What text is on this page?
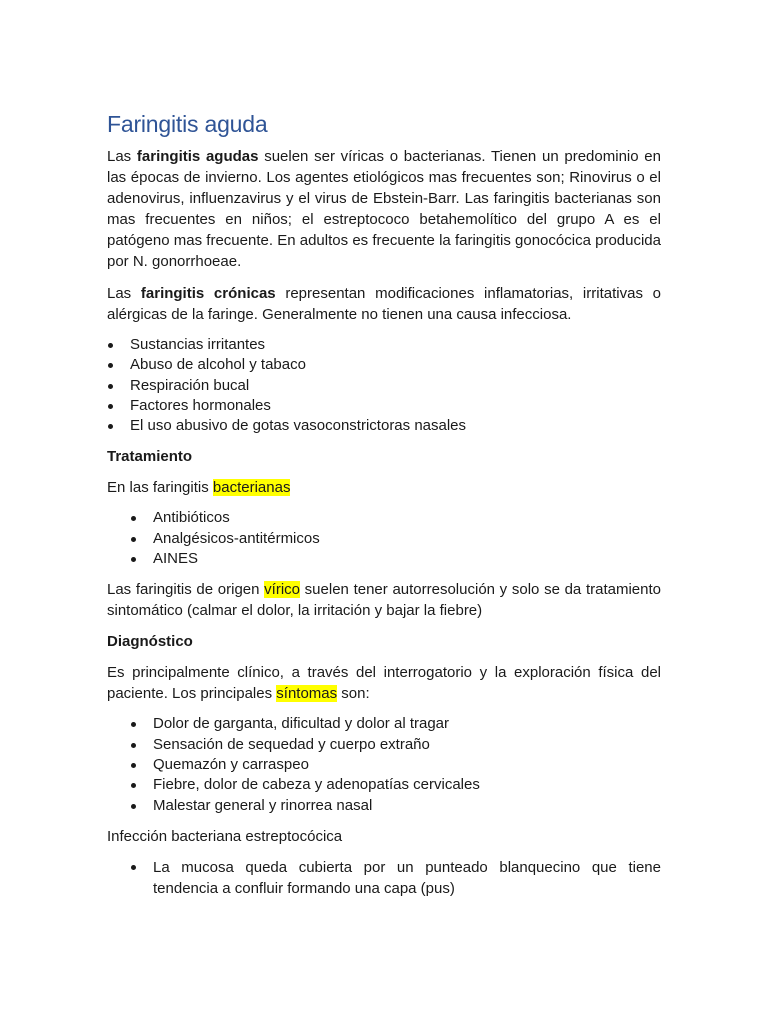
Faringitis aguda

Las faringitis agudas suelen ser víricas o bacterianas. Tienen un predominio en las épocas de invierno. Los agentes etiológicos mas frecuentes son; Rinovirus o el adenovirus, influenzavirus y el virus de Ebstein-Barr. Las faringitis bacterianas son mas frecuentes en niños; el estreptococo betahemolítico del grupo A es el patógeno mas frecuente. En adultos es frecuente la faringitis gonocócica producida por N. gonorrhoeae.

Las faringitis crónicas representan modificaciones inflamatorias, irritativas o alérgicas de la faringe. Generalmente no tienen una causa infecciosa.

Sustancias irritantes
Abuso de alcohol y tabaco
Respiración bucal
Factores hormonales
El uso abusivo de gotas vasoconstrictoras nasales
Tratamiento

En las faringitis bacterianas

Antibióticos
Analgésicos-antitérmicos
AINES

Las faringitis de origen vírico suelen tener autorresolución y solo se da tratamiento sintomático (calmar el dolor, la irritación y bajar la fiebre)

Diagnóstico

Es principalmente clínico, a través del interrogatorio y la exploración física del paciente. Los principales síntomas son:

Dolor de garganta, dificultad y dolor al tragar
Sensación de sequedad y cuerpo extraño
Quemazón y carraspeo
Fiebre, dolor de cabeza y adenopatías cervicales
Malestar general y rinorrea nasal

Infección bacteriana estreptocócica

La mucosa queda cubierta por un punteado blanquecino que tiene tendencia a confluir formando una capa (pus)
